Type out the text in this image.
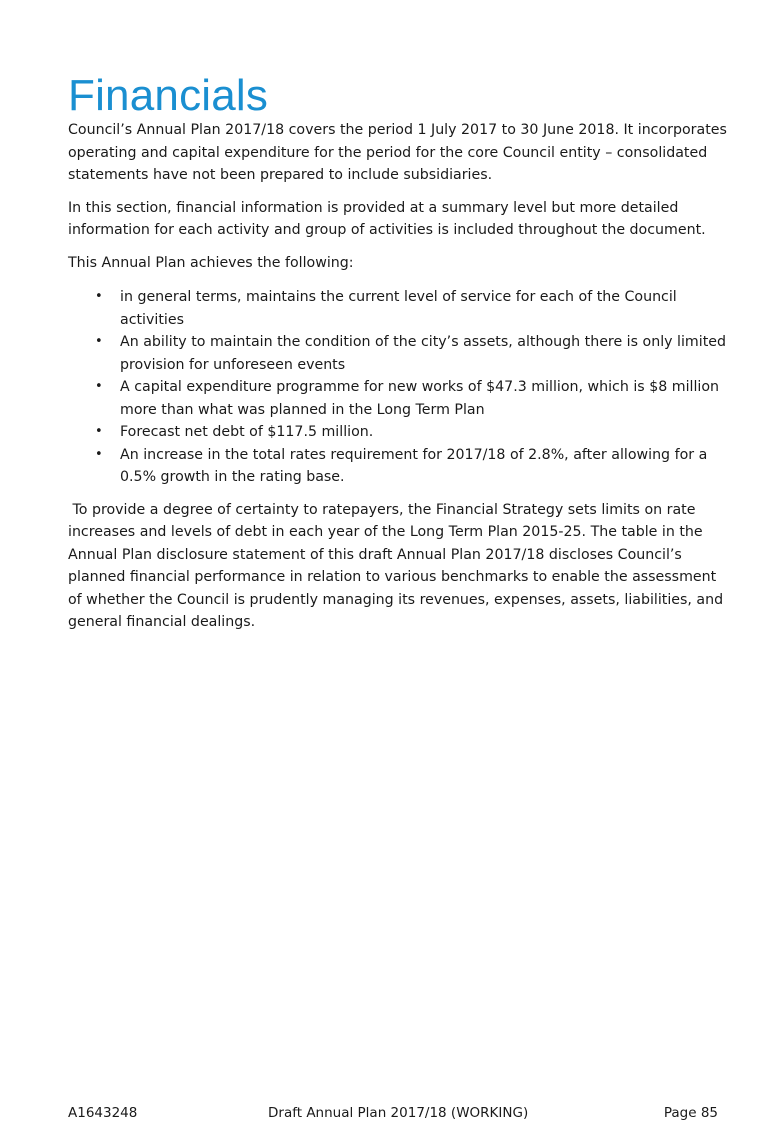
Financials

Council’s Annual Plan 2017/18 covers the period 1 July 2017 to 30 June 2018. It incorporates operating and capital expenditure for the period for the core Council entity – consolidated statements have not been prepared to include subsidiaries.

In this section, financial information is provided at a summary level but more detailed information for each activity and group of activities is included throughout the document.

This Annual Plan achieves the following:

• in general terms, maintains the current level of service for each of the Council activities
• An ability to maintain the condition of the city’s assets, although there is only limited provision for unforeseen events
• A capital expenditure programme for new works of $47.3 million, which is $8 million more than what was planned in the Long Term Plan
• Forecast net debt of $117.5 million.
• An increase in the total rates requirement for 2017/18 of 2.8%, after allowing for a 0.5% growth in the rating base.

To provide a degree of certainty to ratepayers, the Financial Strategy sets limits on rate increases and levels of debt in each year of the Long Term Plan 2015-25. The table in the Annual Plan disclosure statement of this draft Annual Plan 2017/18 discloses Council’s planned financial performance in relation to various benchmarks to enable the assessment of whether the Council is prudently managing its revenues, expenses, assets, liabilities, and general financial dealings.

A1643248	Draft Annual Plan 2017/18 (WORKING)	Page 85
